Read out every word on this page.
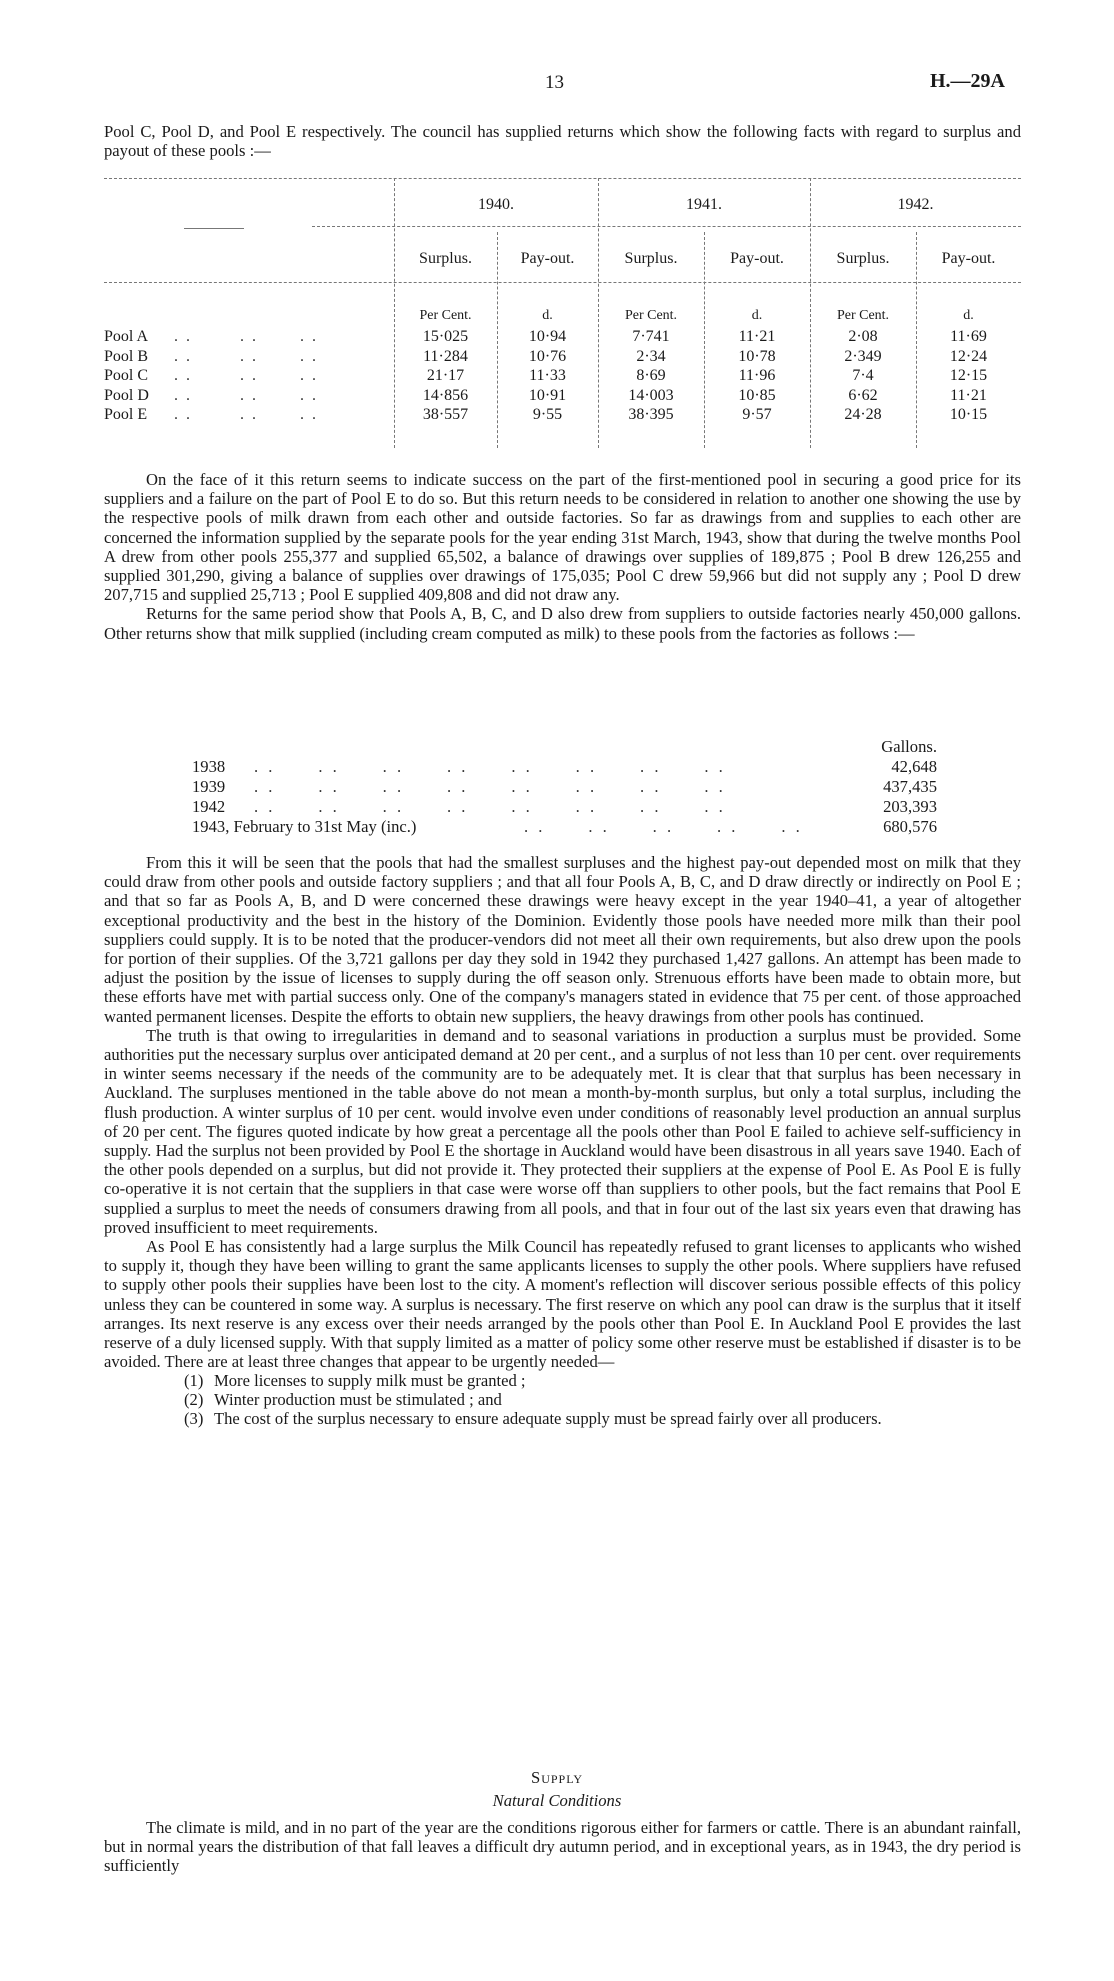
13	H.—29A

Pool C, Pool D, and Pool E respectively. The council has supplied returns which show the following facts with regard to surplus and payout of these pools :—

1940.	1941.	1942.
Surplus.	Pay-out.	Surplus.	Pay-out.	Surplus.	Pay-out.
Per Cent.	d.	Per Cent.	d.	Per Cent.	d.
Pool A	. .        . .       . .	15·025	10·94	7·741	11·21	2·08	11·69
Pool B	. .        . .       . .	11·284	10·76	2·34	10·78	2·349	12·24
Pool C	. .        . .       . .	21·17	11·33	8·69	11·96	7·4	12·15
Pool D	. .        . .       . .	14·856	10·91	14·003	10·85	6·62	11·21
Pool E	. .        . .       . .	38·557	9·55	38·395	9·57	24·28	10·15

On the face of it this return seems to indicate success on the part of the first-mentioned pool in securing a good price for its suppliers and a failure on the part of Pool E to do so. But this return needs to be considered in relation to another one showing the use by the respective pools of milk drawn from each other and outside factories. So far as drawings from and supplies to each other are concerned the information supplied by the separate pools for the year ending 31st March, 1943, show that during the twelve months Pool A drew from other pools 255,377 and supplied 65,502, a balance of drawings over supplies of 189,875 ; Pool B drew 126,255 and supplied 301,290, giving a balance of supplies over drawings of 175,035; Pool C drew 59,966 but did not supply any ; Pool D drew 207,715 and supplied 25,713 ; Pool E supplied 409,808 and did not draw any.

Returns for the same period show that Pools A, B, C, and D also drew from suppliers to outside factories nearly 450,000 gallons. Other returns show that milk supplied (including cream computed as milk) to these pools from the factories as follows :—

Gallons.
1938 . .      . .      . .      . .      . .      . .      . .      . .	42,648
1939 . .      . .      . .      . .      . .      . .      . .      . .	437,435
1942 . .      . .      . .      . .      . .      . .      . .      . .	203,393
1943, February to 31st May (inc.)	. .      . .      . .      . .      . .	680,576

From this it will be seen that the pools that had the smallest surpluses and the highest pay-out depended most on milk that they could draw from other pools and outside factory suppliers ; and that all four Pools A, B, C, and D draw directly or indirectly on Pool E ; and that so far as Pools A, B, and D were concerned these drawings were heavy except in the year 1940–41, a year of altogether exceptional productivity and the best in the history of the Dominion. Evidently those pools have needed more milk than their pool suppliers could supply. It is to be noted that the producer-vendors did not meet all their own requirements, but also drew upon the pools for portion of their supplies. Of the 3,721 gallons per day they sold in 1942 they purchased 1,427 gallons. An attempt has been made to adjust the position by the issue of licenses to supply during the off season only. Strenuous efforts have been made to obtain more, but these efforts have met with partial success only. One of the company's managers stated in evidence that 75 per cent. of those approached wanted permanent licenses. Despite the efforts to obtain new suppliers, the heavy drawings from other pools has continued.

The truth is that owing to irregularities in demand and to seasonal variations in production a surplus must be provided. Some authorities put the necessary surplus over anticipated demand at 20 per cent., and a surplus of not less than 10 per cent. over requirements in winter seems necessary if the needs of the community are to be adequately met. It is clear that that surplus has been necessary in Auckland. The surpluses mentioned in the table above do not mean a month-by-month surplus, but only a total surplus, including the flush production. A winter surplus of 10 per cent. would involve even under conditions of reasonably level production an annual surplus of 20 per cent. The figures quoted indicate by how great a percentage all the pools other than Pool E failed to achieve self-sufficiency in supply. Had the surplus not been provided by Pool E the shortage in Auckland would have been disastrous in all years save 1940. Each of the other pools depended on a surplus, but did not provide it. They protected their suppliers at the expense of Pool E. As Pool E is fully co-operative it is not certain that the suppliers in that case were worse off than suppliers to other pools, but the fact remains that Pool E supplied a surplus to meet the needs of consumers drawing from all pools, and that in four out of the last six years even that drawing has proved insufficient to meet requirements.

As Pool E has consistently had a large surplus the Milk Council has repeatedly refused to grant licenses to applicants who wished to supply it, though they have been willing to grant the same applicants licenses to supply the other pools. Where suppliers have refused to supply other pools their supplies have been lost to the city. A moment's reflection will discover serious possible effects of this policy unless they can be countered in some way. A surplus is necessary. The first reserve on which any pool can draw is the surplus that it itself arranges. Its next reserve is any excess over their needs arranged by the pools other than Pool E. In Auckland Pool E provides the last reserve of a duly licensed supply. With that supply limited as a matter of policy some other reserve must be established if disaster is to be avoided. There are at least three changes that appear to be urgently needed—

(1) More licenses to supply milk must be granted ;
(2) Winter production must be stimulated ; and
(3) The cost of the surplus necessary to ensure adequate supply must be spread fairly over all producers.
Supply
Natural Conditions

The climate is mild, and in no part of the year are the conditions rigorous either for farmers or cattle. There is an abundant rainfall, but in normal years the distribution of that fall leaves a difficult dry autumn period, and in exceptional years, as in 1943, the dry period is sufficiently
